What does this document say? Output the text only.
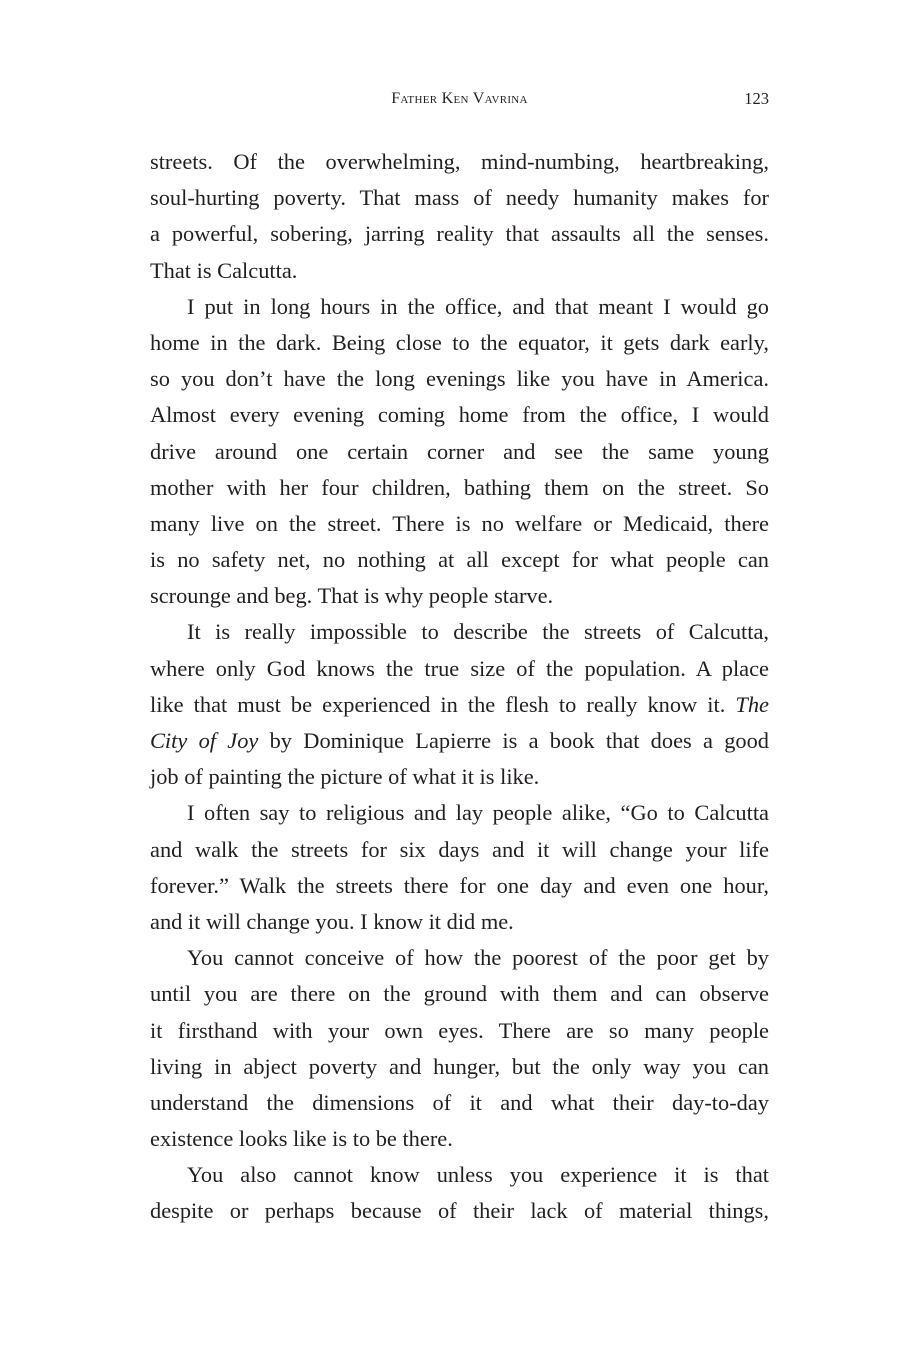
Father Ken Vavrina	123
streets. Of the overwhelming, mind-numbing, heartbreaking,
soul-hurting poverty. That mass of needy humanity makes for
a powerful, sobering, jarring reality that assaults all the senses.
That is Calcutta.
I put in long hours in the office, and that meant I would go
home in the dark. Being close to the equator, it gets dark early,
so you don’t have the long evenings like you have in America.
Almost every evening coming home from the office, I would
drive around one certain corner and see the same young
mother with her four children, bathing them on the street. So
many live on the street. There is no welfare or Medicaid, there
is no safety net, no nothing at all except for what people can
scrounge and beg. That is why people starve.
It is really impossible to describe the streets of Calcutta,
where only God knows the true size of the population. A place
like that must be experienced in the flesh to really know it. The
City of Joy by Dominique Lapierre is a book that does a good
job of painting the picture of what it is like.
I often say to religious and lay people alike, “Go to Calcutta
and walk the streets for six days and it will change your life
forever.” Walk the streets there for one day and even one hour,
and it will change you. I know it did me.
You cannot conceive of how the poorest of the poor get by
until you are there on the ground with them and can observe
it firsthand with your own eyes. There are so many people
living in abject poverty and hunger, but the only way you can
understand the dimensions of it and what their day-to-day
existence looks like is to be there.
You also cannot know unless you experience it is that
despite or perhaps because of their lack of material things,
